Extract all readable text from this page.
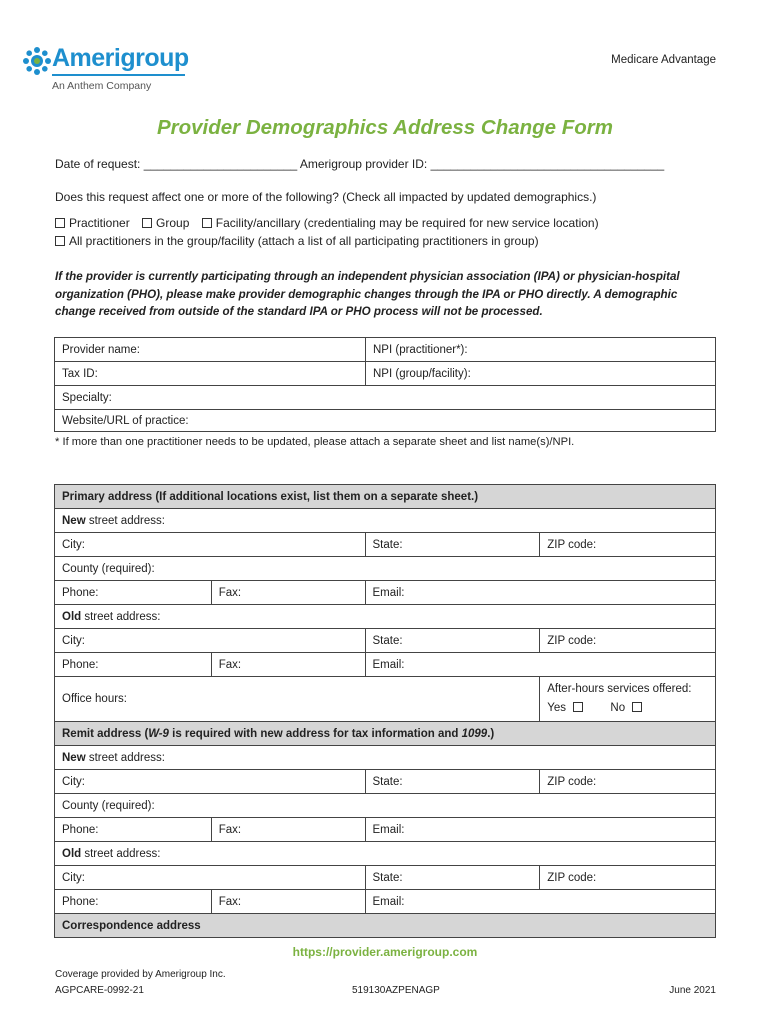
Amerigroup
An Anthem Company
Medicare Advantage
Provider Demographics Address Change Form
Date of request: _______________________ Amerigroup provider ID: ___________________________________
Does this request affect one or more of the following? (Check all impacted by updated demographics.)
Practitioner Group Facility/ancillary (credentialing may be required for new service location)
All practitioners in the group/facility (attach a list of all participating practitioners in group)
If the provider is currently participating through an independent physician association (IPA) or physician-hospital organization (PHO), please make provider demographic changes through the IPA or PHO directly. A demographic change received from outside of the standard IPA or PHO process will not be processed.
Provider name:	NPI (practitioner*):
Tax ID:	NPI (group/facility):
Specialty:	
Website/URL of practice:	
* If more than one practitioner needs to be updated, please attach a separate sheet and list name(s)/NPI.
Primary address (If additional locations exist, list them on a separate sheet.)			
New street address:			
City:		State:	ZIP code:
County (required):			
Phone:	Fax:	Email:	
Old street address:			
City:		State:	ZIP code:
Phone:	Fax:	Email:	
Office hours:			After-hours services offered:
Yes No

Remit address (W-9 is required with new address for tax information and 1099.)			
New street address:			
City:		State:	ZIP code:
County (required):			
Phone:	Fax:	Email:	
Old street address:			
City:		State:	ZIP code:
Phone:	Fax:	Email:	
Correspondence address			
https://provider.amerigroup.com
Coverage provided by Amerigroup Inc.
AGPCARE-0992-21	519130AZPENAGP	June 2021
